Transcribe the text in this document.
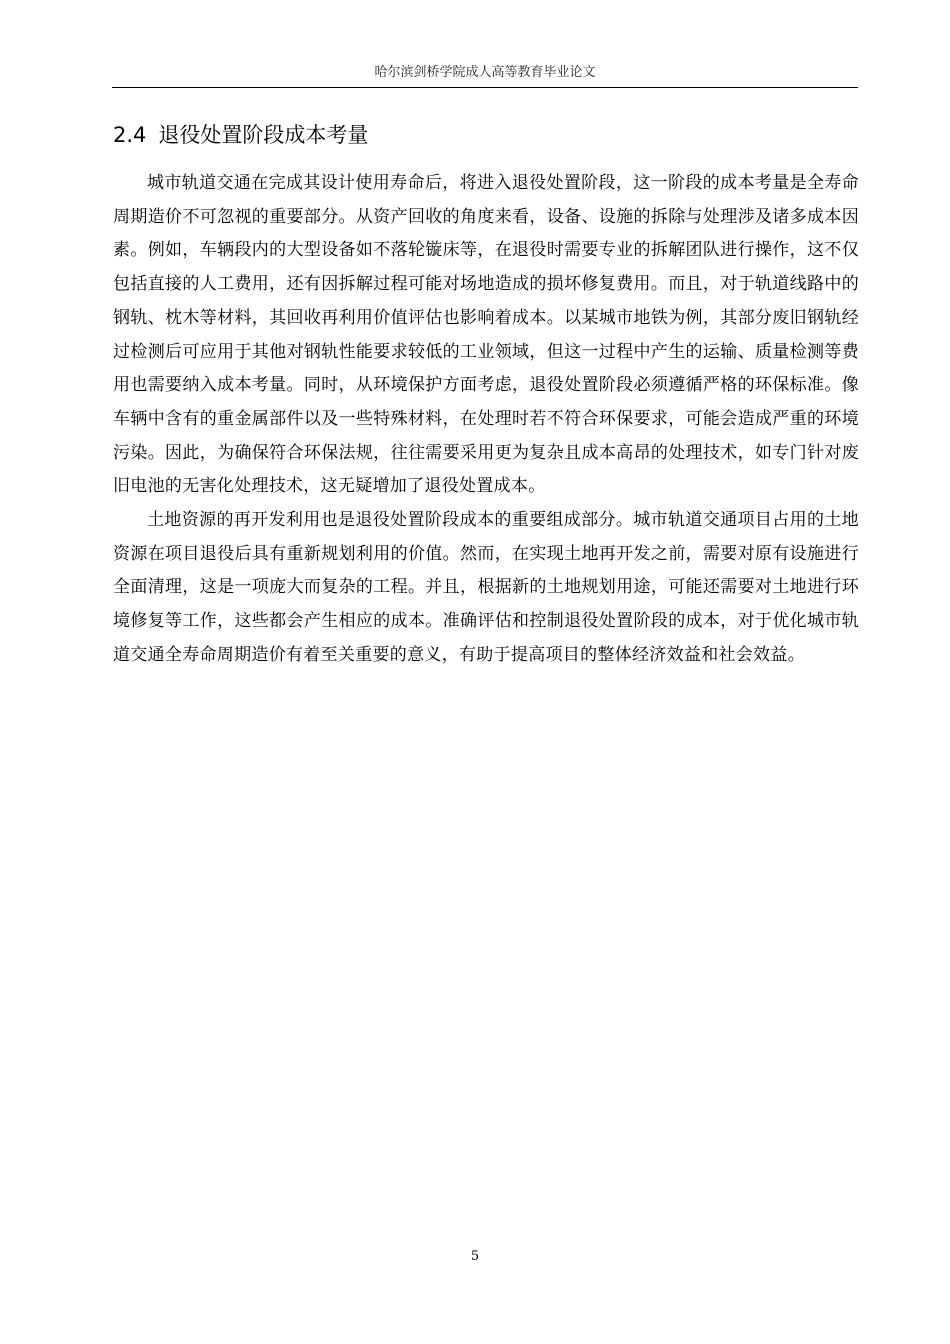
哈尔滨剑桥学院成人高等教育毕业论文
2.4 退役处置阶段成本考量

城市轨道交通在完成其设计使用寿命后，将进入退役处置阶段，这一阶段的成本考量是全寿命周期造价不可忽视的重要部分。从资产回收的角度来看，设备、设施的拆除与处理涉及诸多成本因素。例如，车辆段内的大型设备如不落轮镟床等，在退役时需要专业的拆解团队进行操作，这不仅包括直接的人工费用，还有因拆解过程可能对场地造成的损坏修复费用。而且，对于轨道线路中的钢轨、枕木等材料，其回收再利用价值评估也影响着成本。以某城市地铁为例，其部分废旧钢轨经过检测后可应用于其他对钢轨性能要求较低的工业领域，但这一过程中产生的运输、质量检测等费用也需要纳入成本考量。同时，从环境保护方面考虑，退役处置阶段必须遵循严格的环保标准。像车辆中含有的重金属部件以及一些特殊材料，在处理时若不符合环保要求，可能会造成严重的环境污染。因此，为确保符合环保法规，往往需要采用更为复杂且成本高昂的处理技术，如专门针对废旧电池的无害化处理技术，这无疑增加了退役处置成本。

土地资源的再开发利用也是退役处置阶段成本的重要组成部分。城市轨道交通项目占用的土地资源在项目退役后具有重新规划利用的价值。然而，在实现土地再开发之前，需要对原有设施进行全面清理，这是一项庞大而复杂的工程。并且，根据新的土地规划用途，可能还需要对土地进行环境修复等工作，这些都会产生相应的成本。准确评估和控制退役处置阶段的成本，对于优化城市轨道交通全寿命周期造价有着至关重要的意义，有助于提高项目的整体经济效益和社会效益。

5
